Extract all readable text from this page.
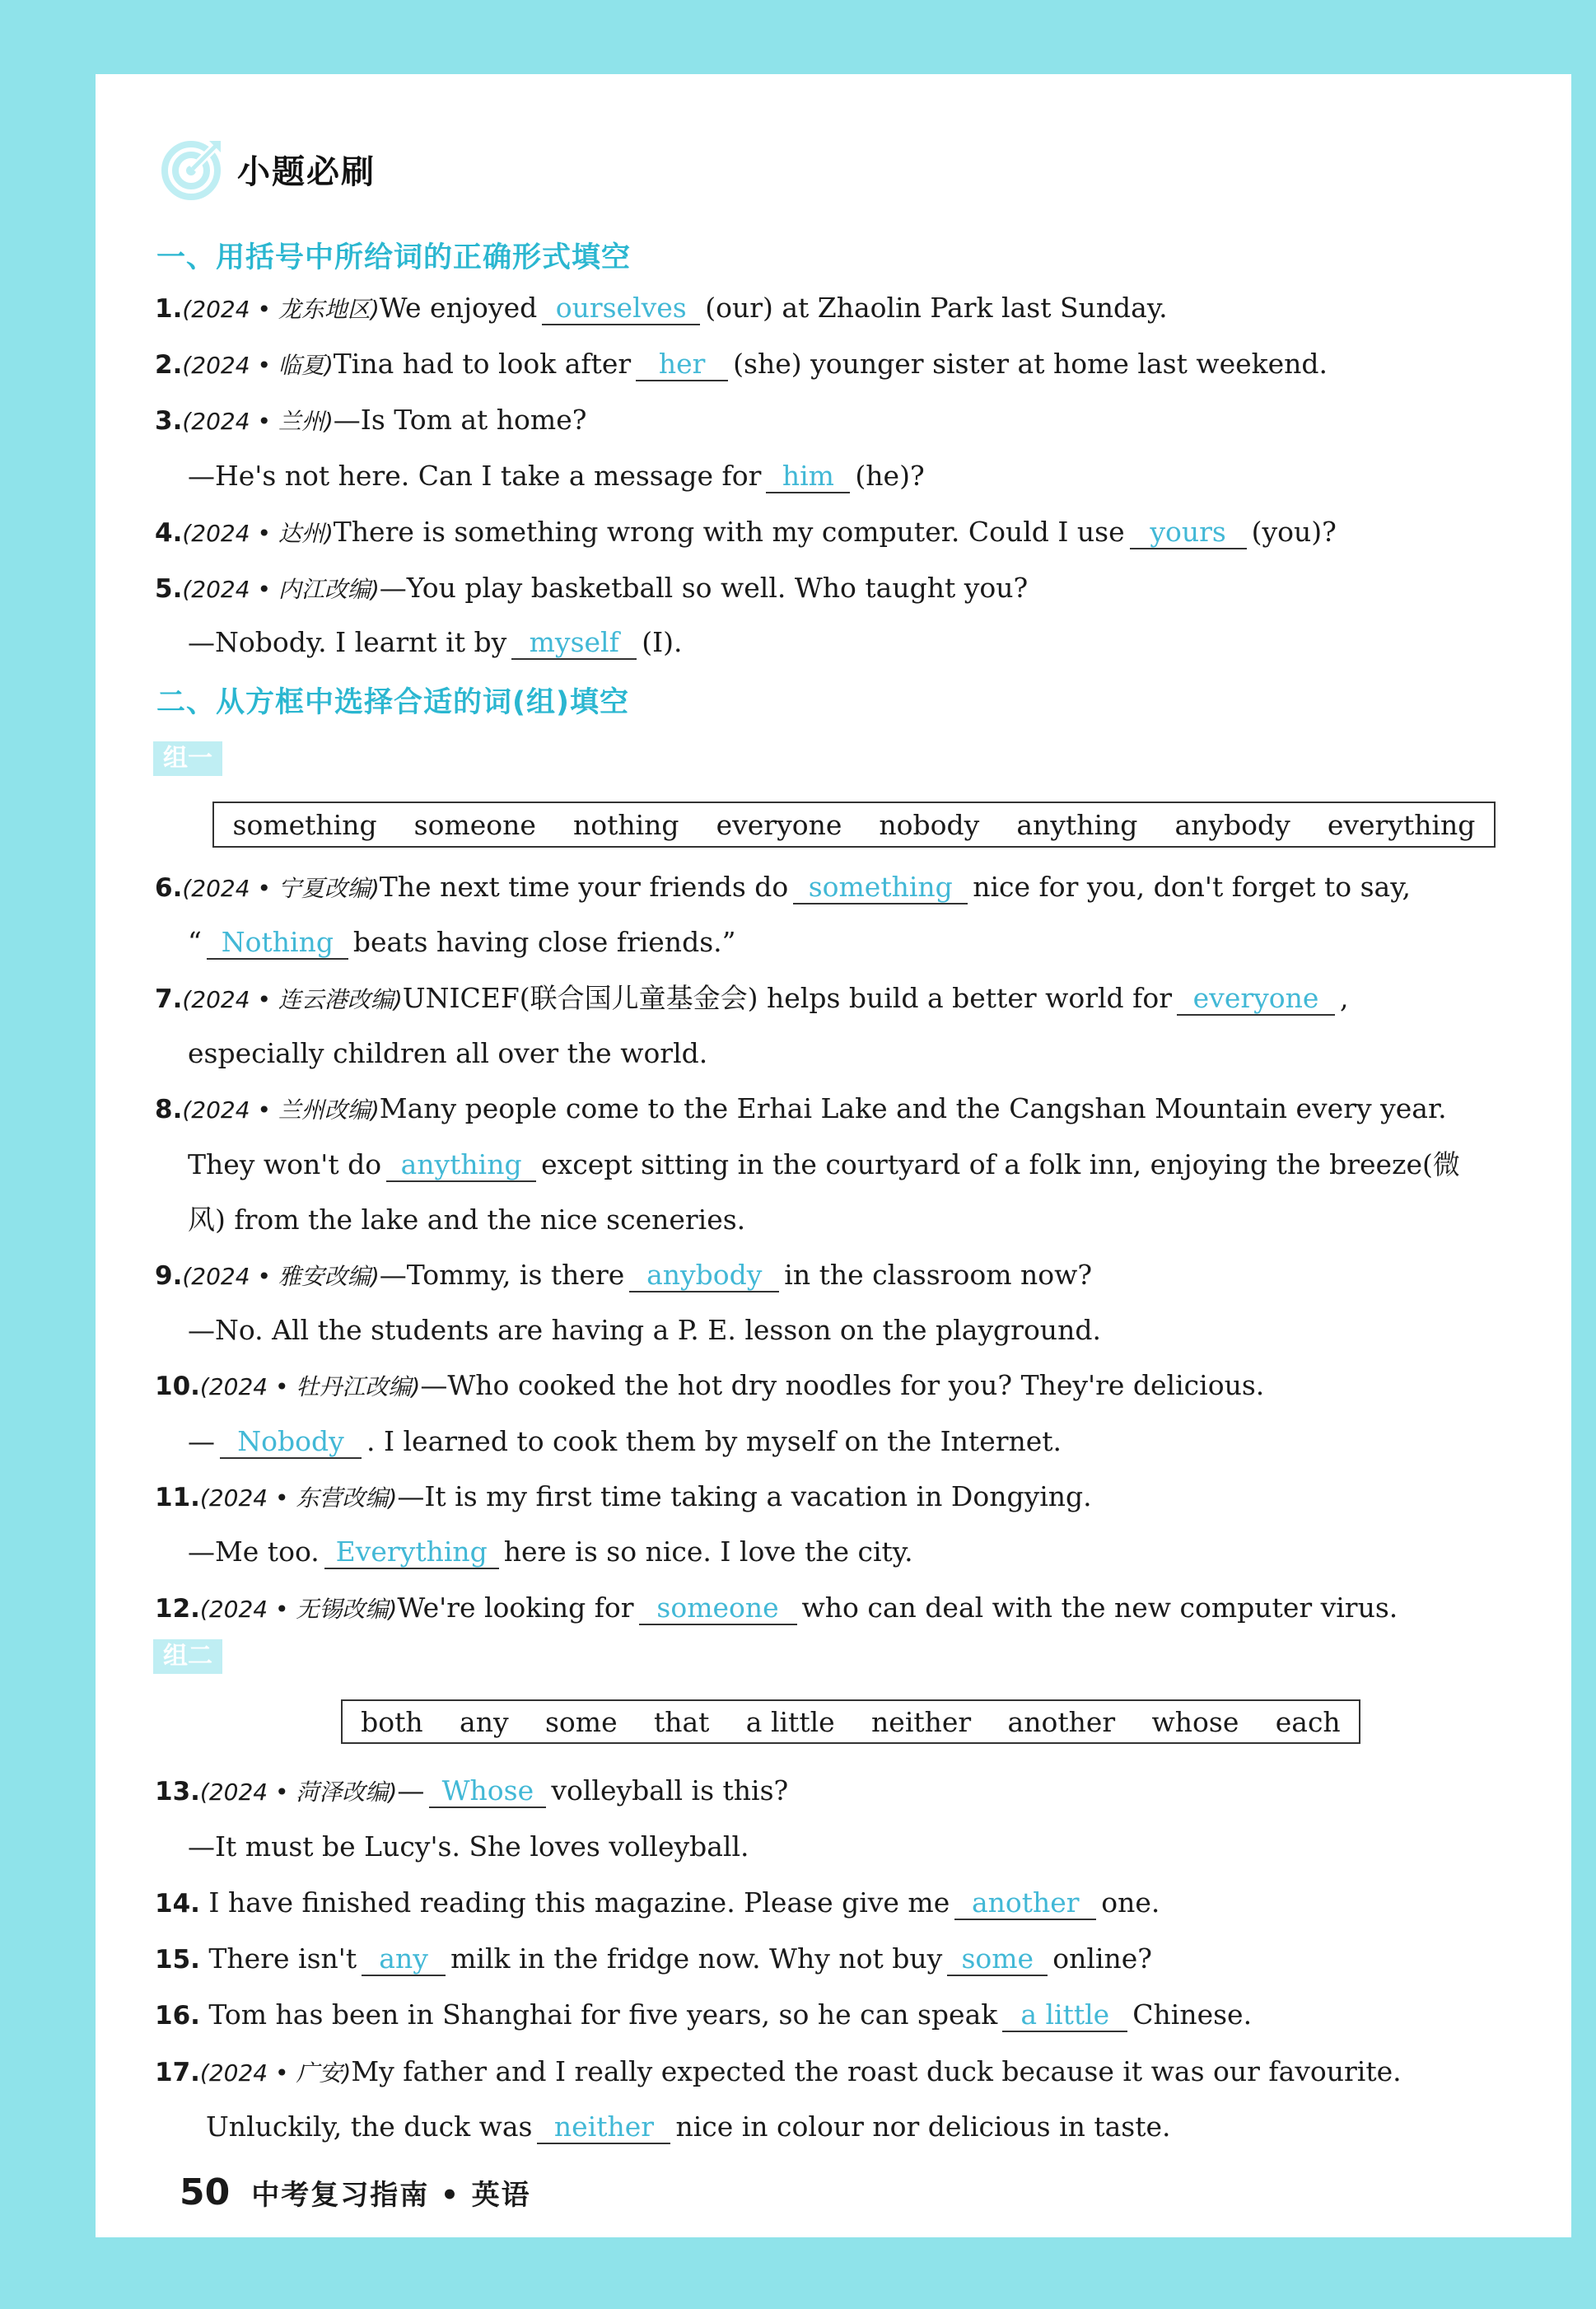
小题必刷
一、用括号中所给词的正确形式填空
1.(2024 • 龙东地区)We enjoyed ourselves (our) at Zhaolin Park last Sunday.
2.(2024 • 临夏)Tina had to look after her (she) younger sister at home last weekend.
3.(2024 • 兰州)—Is Tom at home?
—He's not here. Can I take a message for him (he)?
4.(2024 • 达州)There is something wrong with my computer. Could I use yours (you)?
5.(2024 • 内江改编)—You play basketball so well. Who taught you?
—Nobody. I learnt it by myself (I).
二、从方框中选择合适的词(组)填空
组一
something someone nothing everyone nobody anything anybody everything
6.(2024 • 宁夏改编)The next time your friends do something nice for you, don't forget to say,
“ Nothing beats having close friends.”
7.(2024 • 连云港改编)UNICEF(联合国儿童基金会) helps build a better world for everyone ,
especially children all over the world.
8.(2024 • 兰州改编)Many people come to the Erhai Lake and the Cangshan Mountain every year.
They won't do anything except sitting in the courtyard of a folk inn, enjoying the breeze(微
风) from the lake and the nice sceneries.
9.(2024 • 雅安改编)—Tommy, is there anybody in the classroom now?
—No. All the students are having a P. E. lesson on the playground.
10.(2024 • 牡丹江改编)—Who cooked the hot dry noodles for you? They're delicious.
— Nobody . I learned to cook them by myself on the Internet.
11.(2024 • 东营改编)—It is my first time taking a vacation in Dongying.
—Me too. Everything here is so nice. I love the city.
12.(2024 • 无锡改编)We're looking for someone who can deal with the new computer virus.
组二
both any some that a little neither another whose each
13.(2024 • 菏泽改编)— Whose volleyball is this?
—It must be Lucy's. She loves volleyball.
14. I have finished reading this magazine. Please give me another one.
15. There isn't any milk in the fridge now. Why not buy some online?
16. Tom has been in Shanghai for five years, so he can speak a little Chinese.
17.(2024 • 广安)My father and I really expected the roast duck because it was our favourite.
Unluckily, the duck was neither nice in colour nor delicious in taste.
50 中考复习指南 • 英语
